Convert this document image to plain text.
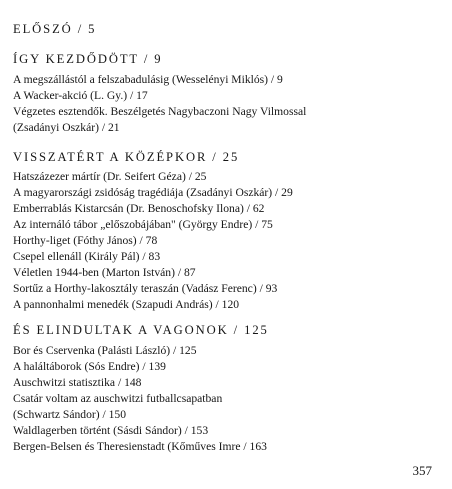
ELŐSZÓ / 5
ÍGY KEZDŐDÖTT / 9
A megszállástól a felszabadulásig (Wesselényi Miklós) / 9
A Wacker-akció (L. Gy.) / 17
Végzetes esztendők. Beszélgetés Nagybaczoni Nagy Vilmossal
(Zsadányi Oszkár) / 21
VISSZATÉRT A KÖZÉPKOR / 25
Hatszázezer mártír (Dr. Seifert Géza) / 25
A magyarországi zsidóság tragédiája (Zsadányi Oszkár) / 29
Emberrablás Kistarcsán (Dr. Benoschofsky Ilona) / 62
Az internáló tábor „előszobájában" (György Endre) / 75
Horthy-liget (Fóthy János) / 78
Csepel ellenáll (Király Pál) / 83
Véletlen 1944-ben (Marton István) / 87
Sortűz a Horthy-lakosztály teraszán (Vadász Ferenc) / 93
A pannonhalmi menedék (Szapudi András) / 120
ÉS ELINDULTAK A VAGONOK / 125
Bor és Cservenka (Palásti László) / 125
A haláltáborok (Sós Endre) / 139
Auschwitzi statisztika / 148
Csatár voltam az auschwitzi futballcsapatban
(Schwartz Sándor) / 150
Waldlagerben történt (Sásdi Sándor) / 153
Bergen-Belsen és Theresienstadt (Kőműves Imre / 163
357
